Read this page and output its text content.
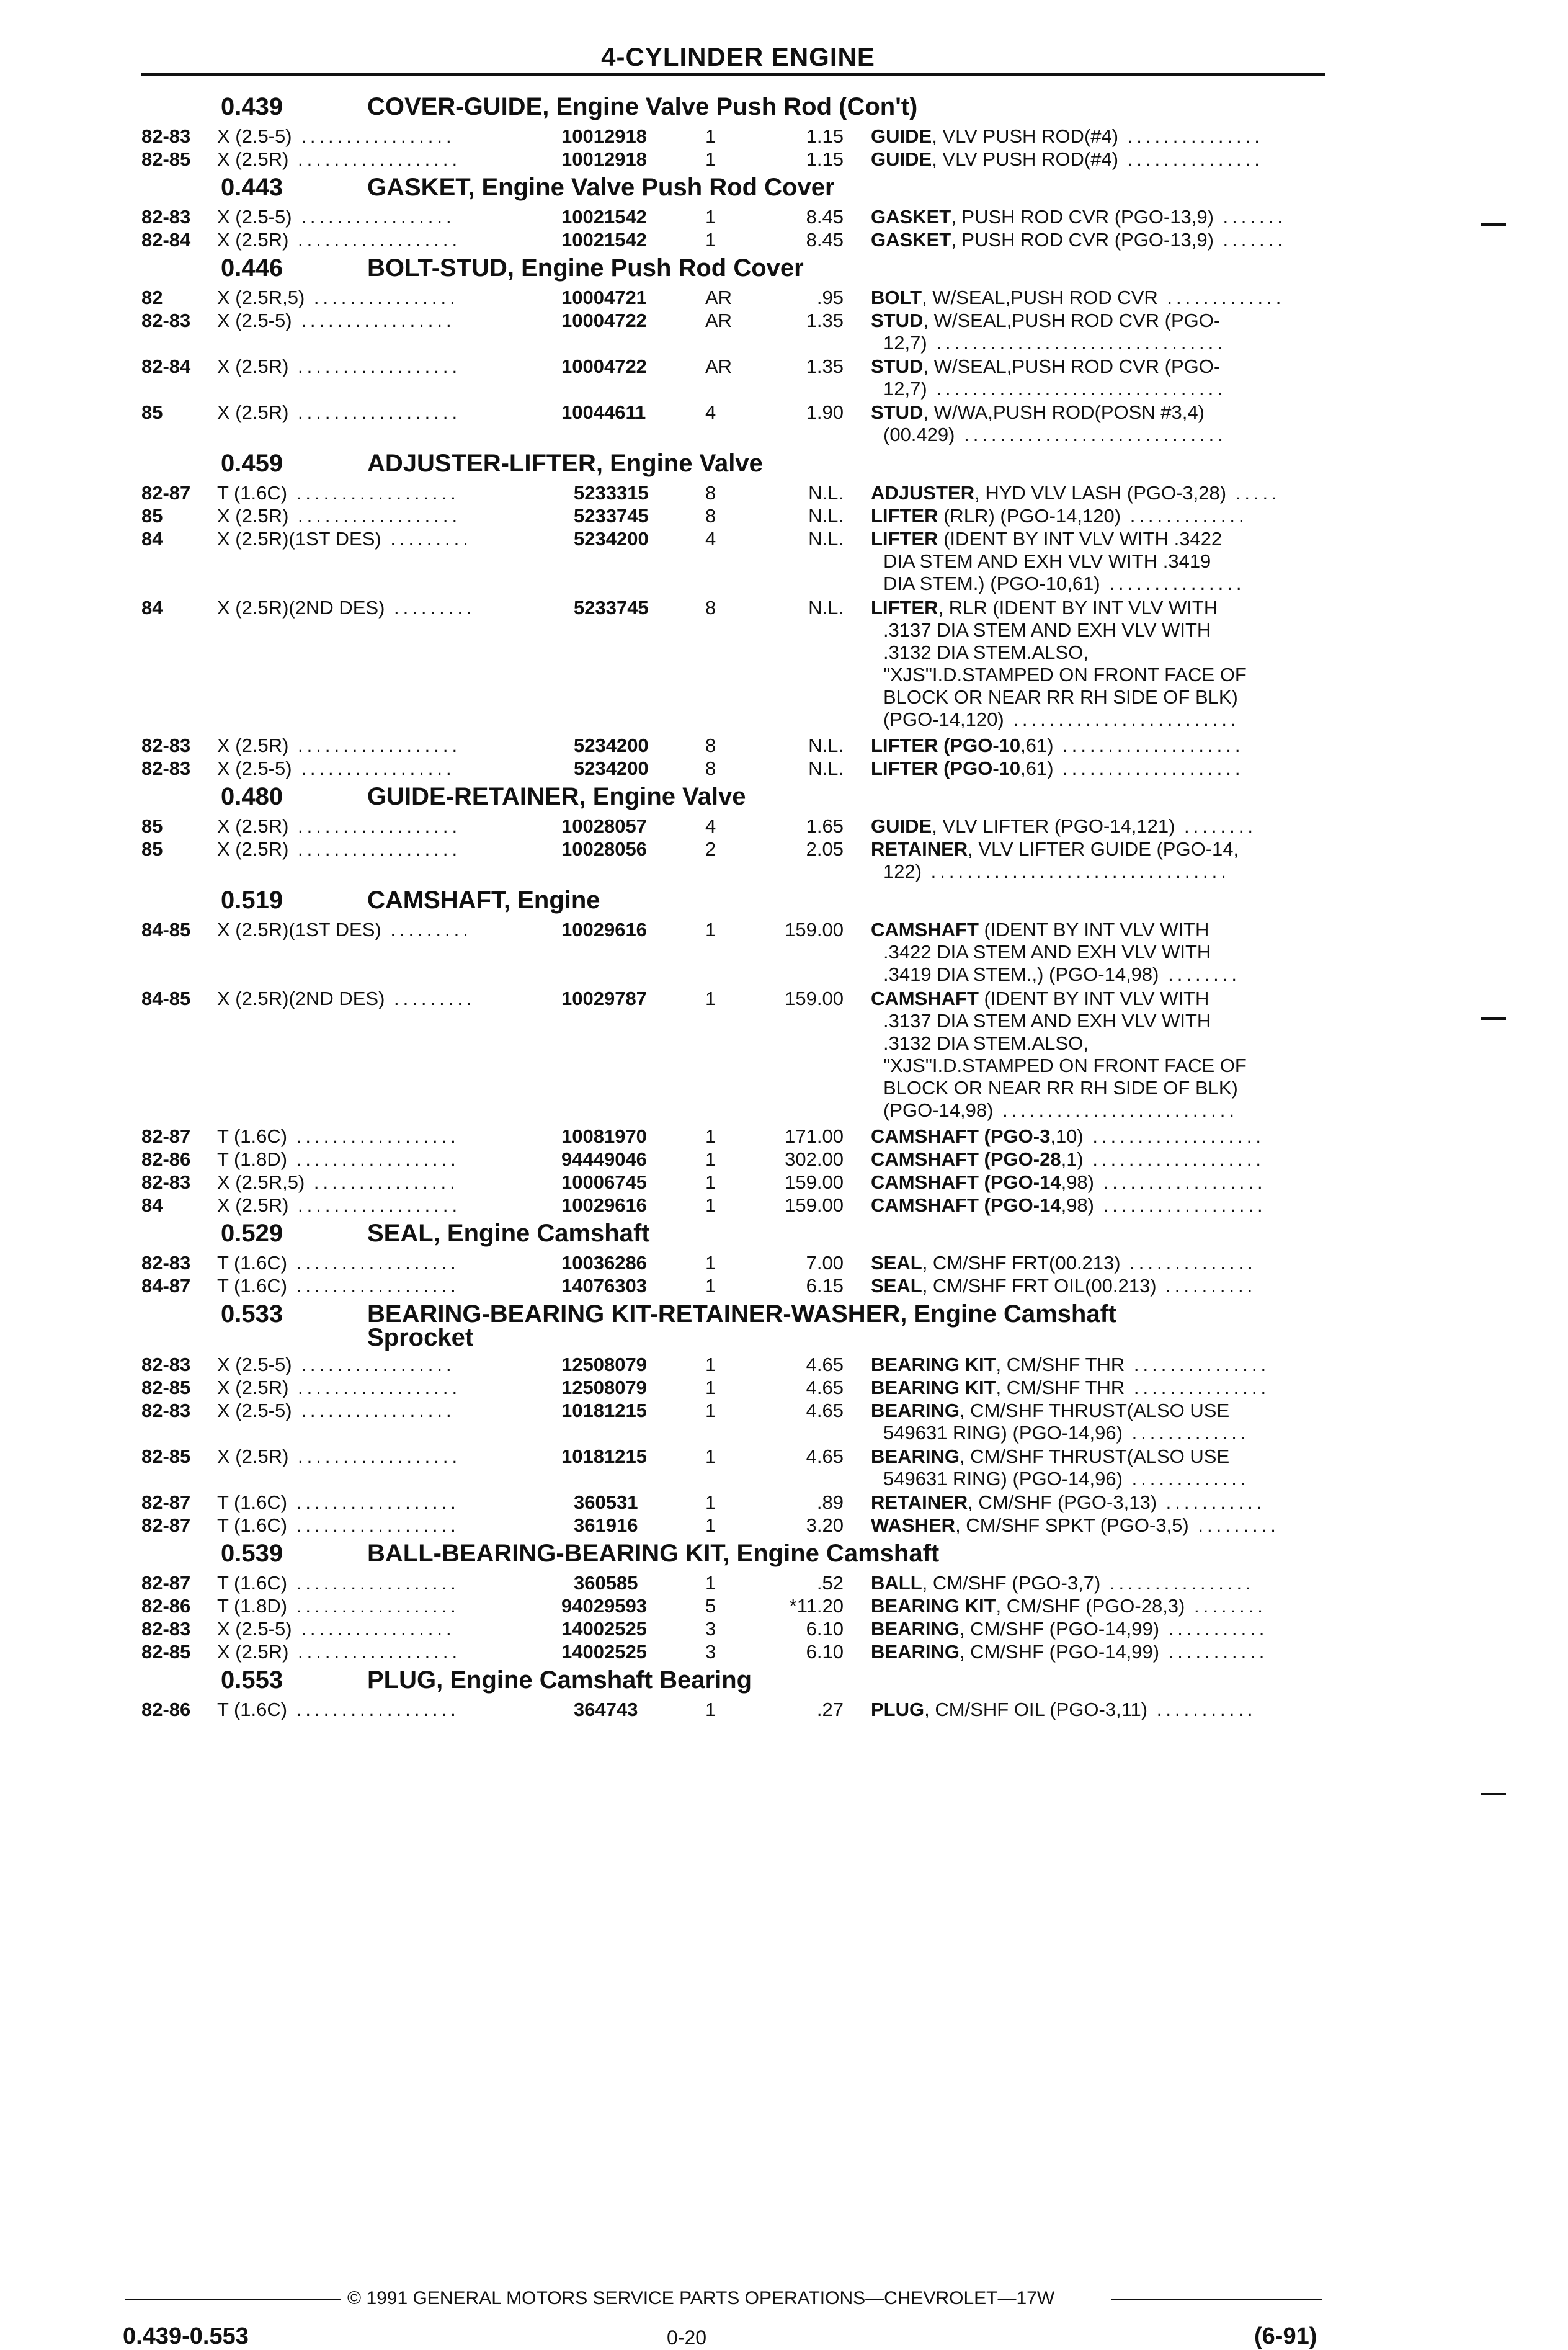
4-CYLINDER ENGINE
0.439	COVER-GUIDE, Engine Valve Push Rod (Con't)
82-83 X (2.5-5) .................	10012918	1	1.15 GUIDE, VLV PUSH ROD(#4) ...............
82-85 X (2.5R) ..................	10012918	1	1.15 GUIDE, VLV PUSH ROD(#4) ...............
0.443	GASKET, Engine Valve Push Rod Cover
82-83 X (2.5-5) .................	10021542	1	8.45 GASKET, PUSH ROD CVR (PGO-13,9) .......
82-84 X (2.5R) ..................	10021542	1	8.45 GASKET, PUSH ROD CVR (PGO-13,9) .......
0.446	BOLT-STUD, Engine Push Rod Cover
82	X (2.5R,5) ................	10004721	AR	.95 BOLT, W/SEAL,PUSH ROD CVR .............
82-83 X (2.5-5) .................	10004722	AR	1.35 STUD, W/SEAL,PUSH ROD CVR (PGO-
12,7) ................................
82-84 X (2.5R) ..................	10004722	AR	1.35 STUD, W/SEAL,PUSH ROD CVR (PGO-
12,7) ................................
85	X (2.5R) ..................	10044611	4	1.90 STUD, W/WA,PUSH ROD(POSN #3,4)
(00.429) .............................
0.459	ADJUSTER-LIFTER, Engine Valve
82-87 T (1.6C) ..................	5233315	8	N.L. ADJUSTER, HYD VLV LASH (PGO-3,28) .....
85	X (2.5R) ..................	5233745	8	N.L. LIFTER (RLR) (PGO-14,120) .............
84	X (2.5R)(1ST DES) .........	5234200	4	N.L. LIFTER (IDENT BY INT VLV WITH .3422
DIA STEM AND EXH VLV WITH .3419
DIA STEM.) (PGO-10,61) ...............
84	X (2.5R)(2ND DES) .........	5233745	8	N.L. LIFTER, RLR (IDENT BY INT VLV WITH
.3137 DIA STEM AND EXH VLV WITH
.3132 DIA STEM.ALSO,
"XJS"I.D.STAMPED ON FRONT FACE OF
BLOCK OR NEAR RR RH SIDE OF BLK)
(PGO-14,120) .........................
82-83 X (2.5R) ..................	5234200	8	N.L. LIFTER (PGO-10,61) ....................
82-83 X (2.5-5) .................	5234200	8	N.L. LIFTER (PGO-10,61) ....................
0.480	GUIDE-RETAINER, Engine Valve
85	X (2.5R) ..................	10028057	4	1.65 GUIDE, VLV LIFTER (PGO-14,121) ........
85	X (2.5R) ..................	10028056	2	2.05 RETAINER, VLV LIFTER GUIDE (PGO-14,
122) .................................
0.519	CAMSHAFT, Engine
84-85 X (2.5R)(1ST DES) .........	10029616	1	159.00 CAMSHAFT (IDENT BY INT VLV WITH
.3422 DIA STEM AND EXH VLV WITH
.3419 DIA STEM.,) (PGO-14,98) ........
84-85 X (2.5R)(2ND DES) .........	10029787	1	159.00 CAMSHAFT (IDENT BY INT VLV WITH
.3137 DIA STEM AND EXH VLV WITH
.3132 DIA STEM.ALSO,
"XJS"I.D.STAMPED ON FRONT FACE OF
BLOCK OR NEAR RR RH SIDE OF BLK)
(PGO-14,98) ..........................
82-87 T (1.6C) ..................	10081970	1	171.00 CAMSHAFT (PGO-3,10) ...................
82-86 T (1.8D) ..................	94449046	1	302.00 CAMSHAFT (PGO-28,1) ...................
82-83 X (2.5R,5) ................	10006745	1	159.00 CAMSHAFT (PGO-14,98) ..................
84	X (2.5R) ..................	10029616	1	159.00 CAMSHAFT (PGO-14,98) ..................
0.529	SEAL, Engine Camshaft
82-83 T (1.6C) ..................	10036286	1	7.00 SEAL, CM/SHF FRT(00.213) ..............
84-87 T (1.6C) ..................	14076303	1	6.15 SEAL, CM/SHF FRT OIL(00.213) ..........
0.533	BEARING-BEARING KIT-RETAINER-WASHER, Engine Camshaft
Sprocket
82-83 X (2.5-5) .................	12508079	1	4.65 BEARING KIT, CM/SHF THR ...............
82-85 X (2.5R) ..................	12508079	1	4.65 BEARING KIT, CM/SHF THR ...............
82-83 X (2.5-5) .................	10181215	1	4.65 BEARING, CM/SHF THRUST(ALSO USE
549631 RING) (PGO-14,96) .............
82-85 X (2.5R) ..................	10181215	1	4.65 BEARING, CM/SHF THRUST(ALSO USE
549631 RING) (PGO-14,96) .............
82-87 T (1.6C) ..................	360531	1	.89 RETAINER, CM/SHF (PGO-3,13) ...........
82-87 T (1.6C) ..................	361916	1	3.20 WASHER, CM/SHF SPKT (PGO-3,5) .........
0.539	BALL-BEARING-BEARING KIT, Engine Camshaft
82-87 T (1.6C) ..................	360585	1	.52 BALL, CM/SHF (PGO-3,7) ................
82-86 T (1.8D) ..................	94029593	5	*11.20 BEARING KIT, CM/SHF (PGO-28,3) ........
82-83 X (2.5-5) .................	14002525	3	6.10 BEARING, CM/SHF (PGO-14,99) ...........
82-85 X (2.5R) ..................	14002525	3	6.10 BEARING, CM/SHF (PGO-14,99) ...........
0.553	PLUG, Engine Camshaft Bearing
82-86 T (1.6C) ..................	364743	1	.27 PLUG, CM/SHF OIL (PGO-3,11) ...........
© 1991 GENERAL MOTORS SERVICE PARTS OPERATIONS—CHEVROLET—17W
0.439-0.553	0-20	(6-91)
